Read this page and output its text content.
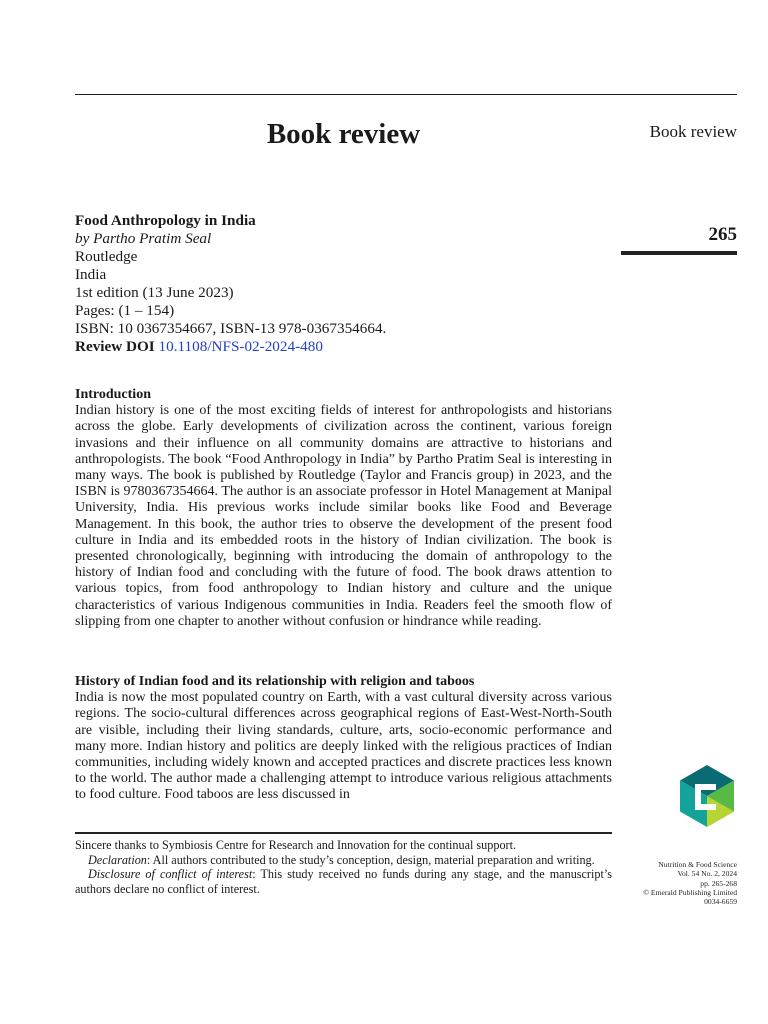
Book review	Book review
265
Food Anthropology in India
by Partho Pratim Seal
Routledge
India
1st edition (13 June 2023)
Pages: (1 – 154)
ISBN: 10 0367354667, ISBN-13 978-0367354664.
Review DOI 10.1108/NFS-02-2024-480
Introduction

Indian history is one of the most exciting fields of interest for anthropologists and historians across the globe. Early developments of civilization across the continent, various foreign invasions and their influence on all community domains are attractive to historians and anthropologists. The book “Food Anthropology in India” by Partho Pratim Seal is interesting in many ways. The book is published by Routledge (Taylor and Francis group) in 2023, and the ISBN is 9780367354664. The author is an associate professor in Hotel Management at Manipal University, India. His previous works include similar books like Food and Beverage Management. In this book, the author tries to observe the development of the present food culture in India and its embedded roots in the history of Indian civilization. The book is presented chronologically, beginning with introducing the domain of anthropology to the history of Indian food and concluding with the future of food. The book draws attention to various topics, from food anthropology to Indian history and culture and the unique characteristics of various Indigenous communities in India. Readers feel the smooth flow of slipping from one chapter to another without confusion or hindrance while reading.

History of Indian food and its relationship with religion and taboos

India is now the most populated country on Earth, with a vast cultural diversity across various regions. The socio-cultural differences across geographical regions of East-West-North-South are visible, including their living standards, culture, arts, socio-economic performance and many more. Indian history and politics are deeply linked with the religious practices of Indian communities, including widely known and accepted practices and discrete practices less known to the world. The author made a challenging attempt to introduce various religious attachments to food culture. Food taboos are less discussed in

Sincere thanks to Symbiosis Centre for Research and Innovation for the continual support.

Declaration: All authors contributed to the study’s conception, design, material preparation and writing.

Disclosure of conflict of interest: This study received no funds during any stage, and the manuscript’s authors declare no conflict of interest.

Nutrition & Food Science
Vol. 54 No. 2, 2024
pp. 265-268
© Emerald Publishing Limited
0034-6659
